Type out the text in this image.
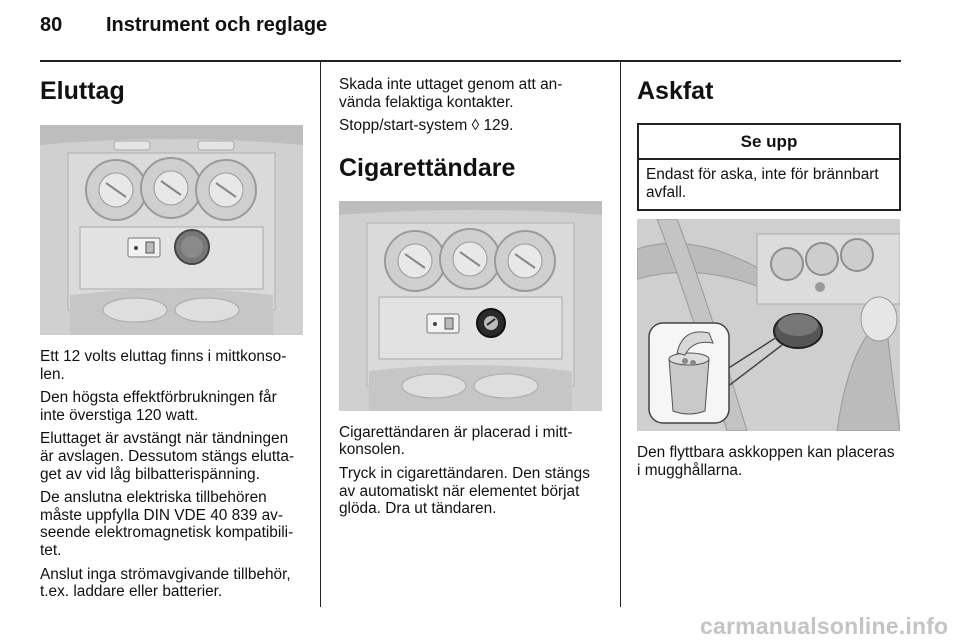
80 Instrument och reglage
Eluttag

Ett 12 volts eluttag finns i mittkonso-len.

Den högsta effektförbrukningen får inte överstiga 120 watt.

Eluttaget är avstängt när tändningen är avslagen. Dessutom stängs elutta-get av vid låg bilbatterispänning.

De anslutna elektriska tillbehören måste uppfylla DIN VDE 40 839 av-seende elektromagnetisk kompatibili-tet.

Anslut inga strömavgivande tillbehör, t.ex. laddare eller batterier.

Skada inte uttaget genom att an-vända felaktiga kontakter.

Stopp/start-system ◊ 129.

Cigarettändare

Cigarettändaren är placerad i mitt-konsolen.

Tryck in cigarettändaren. Den stängs av automatiskt när elementet börjat glöda. Dra ut tändaren.

Askfat
Se upp
Endast för aska, inte för brännbart avfall.

Den flyttbara askkoppen kan placeras i mugghållarna.

carmanualsonline.info
